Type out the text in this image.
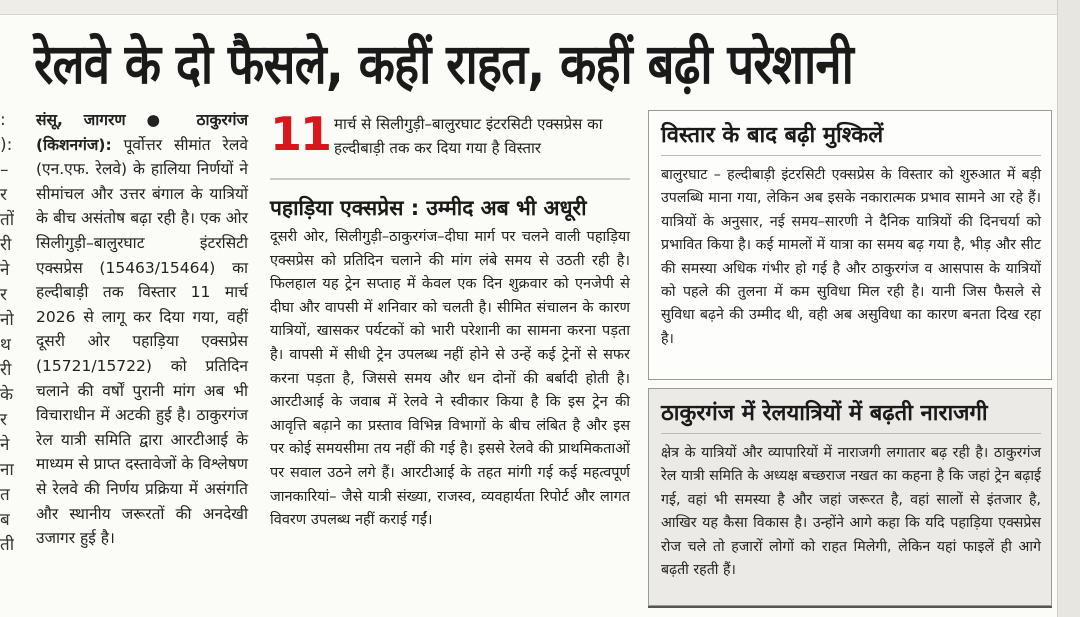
रेलवे के दो फैसले, कहीं राहत, कहीं बढ़ी परेशानी
:
):
–
र
तों
री
ने
र
नो
थ
री
के
र
ने
ना
त
ब
ती
संसू, जागरण ● ठाकुरगंज (किशनगंज): पूर्वोत्तर सीमांत रेलवे (एन.एफ. रेलवे) के हालिया निर्णयों ने सीमांचल और उत्तर बंगाल के यात्रियों के बीच असंतोष बढ़ा रही है। एक ओर सिलीगुड़ी–बालुरघाट इंटरसिटी एक्सप्रेस (15463/15464) का हल्दीबाड़ी तक विस्तार 11 मार्च 2026 से लागू कर दिया गया, वहीं दूसरी ओर पहाड़िया एक्सप्रेस (15721/15722) को प्रतिदिन चलाने की वर्षों पुरानी मांग अब भी विचाराधीन में अटकी हुई है। ठाकुरगंज रेल यात्री समिति द्वारा आरटीआई के माध्यम से प्राप्त दस्तावेजों के विश्लेषण से रेलवे की निर्णय प्रक्रिया में असंगति और स्थानीय जरूरतों की अनदेखी उजागर हुई है।
11 मार्च से सिलीगुड़ी–बालुरघाट इंटरसिटी एक्सप्रेस का हल्दीबाड़ी तक कर दिया गया है विस्तार
पहाड़िया एक्सप्रेस : उम्मीद अब भी अधूरी
दूसरी ओर, सिलीगुड़ी–ठाकुरगंज–दीघा मार्ग पर चलने वाली पहाड़िया एक्सप्रेस को प्रतिदिन चलाने की मांग लंबे समय से उठती रही है। फिलहाल यह ट्रेन सप्ताह में केवल एक दिन शुक्रवार को एनजेपी से दीघा और वापसी में शनिवार को चलती है। सीमित संचालन के कारण यात्रियों, खासकर पर्यटकों को भारी परेशानी का सामना करना पड़ता है। वापसी में सीधी ट्रेन उपलब्ध नहीं होने से उन्हें कई ट्रेनों से सफर करना पड़ता है, जिससे समय और धन दोनों की बर्बादी होती है। आरटीआई के जवाब में रेलवे ने स्वीकार किया है कि इस ट्रेन की आवृत्ति बढ़ाने का प्रस्ताव विभिन्न विभागों के बीच लंबित है और इस पर कोई समयसीमा तय नहीं की गई है। इससे रेलवे की प्राथमिकताओं पर सवाल उठने लगे हैं। आरटीआई के तहत मांगी गई कई महत्वपूर्ण जानकारियां– जैसे यात्री संख्या, राजस्व, व्यवहार्यता रिपोर्ट और लागत विवरण उपलब्ध नहीं कराई गईं।
विस्तार के बाद बढ़ी मुश्किलें
बालुरघाट – हल्दीबाड़ी इंटरसिटी एक्सप्रेस के विस्तार को शुरुआत में बड़ी उपलब्धि माना गया, लेकिन अब इसके नकारात्मक प्रभाव सामने आ रहे हैं। यात्रियों के अनुसार, नई समय–सारणी ने दैनिक यात्रियों की दिनचर्या को प्रभावित किया है। कई मामलों में यात्रा का समय बढ़ गया है, भीड़ और सीट की समस्या अधिक गंभीर हो गई है और ठाकुरगंज व आसपास के यात्रियों को पहले की तुलना में कम सुविधा मिल रही है। यानी जिस फैसले से सुविधा बढ़ने की उम्मीद थी, वही अब असुविधा का कारण बनता दिख रहा है।
ठाकुरगंज में रेलयात्रियों में बढ़ती नाराजगी
क्षेत्र के यात्रियों और व्यापारियों में नाराजगी लगातार बढ़ रही है। ठाकुरगंज रेल यात्री समिति के अध्यक्ष बच्छराज नखत का कहना है कि जहां ट्रेन बढ़ाई गई, वहां भी समस्या है और जहां जरूरत है, वहां सालों से इंतजार है, आखिर यह कैसा विकास है। उन्होंने आगे कहा कि यदि पहाड़िया एक्सप्रेस रोज चले तो हजारों लोगों को राहत मिलेगी, लेकिन यहां फाइलें ही आगे बढ़ती रहती हैं।
